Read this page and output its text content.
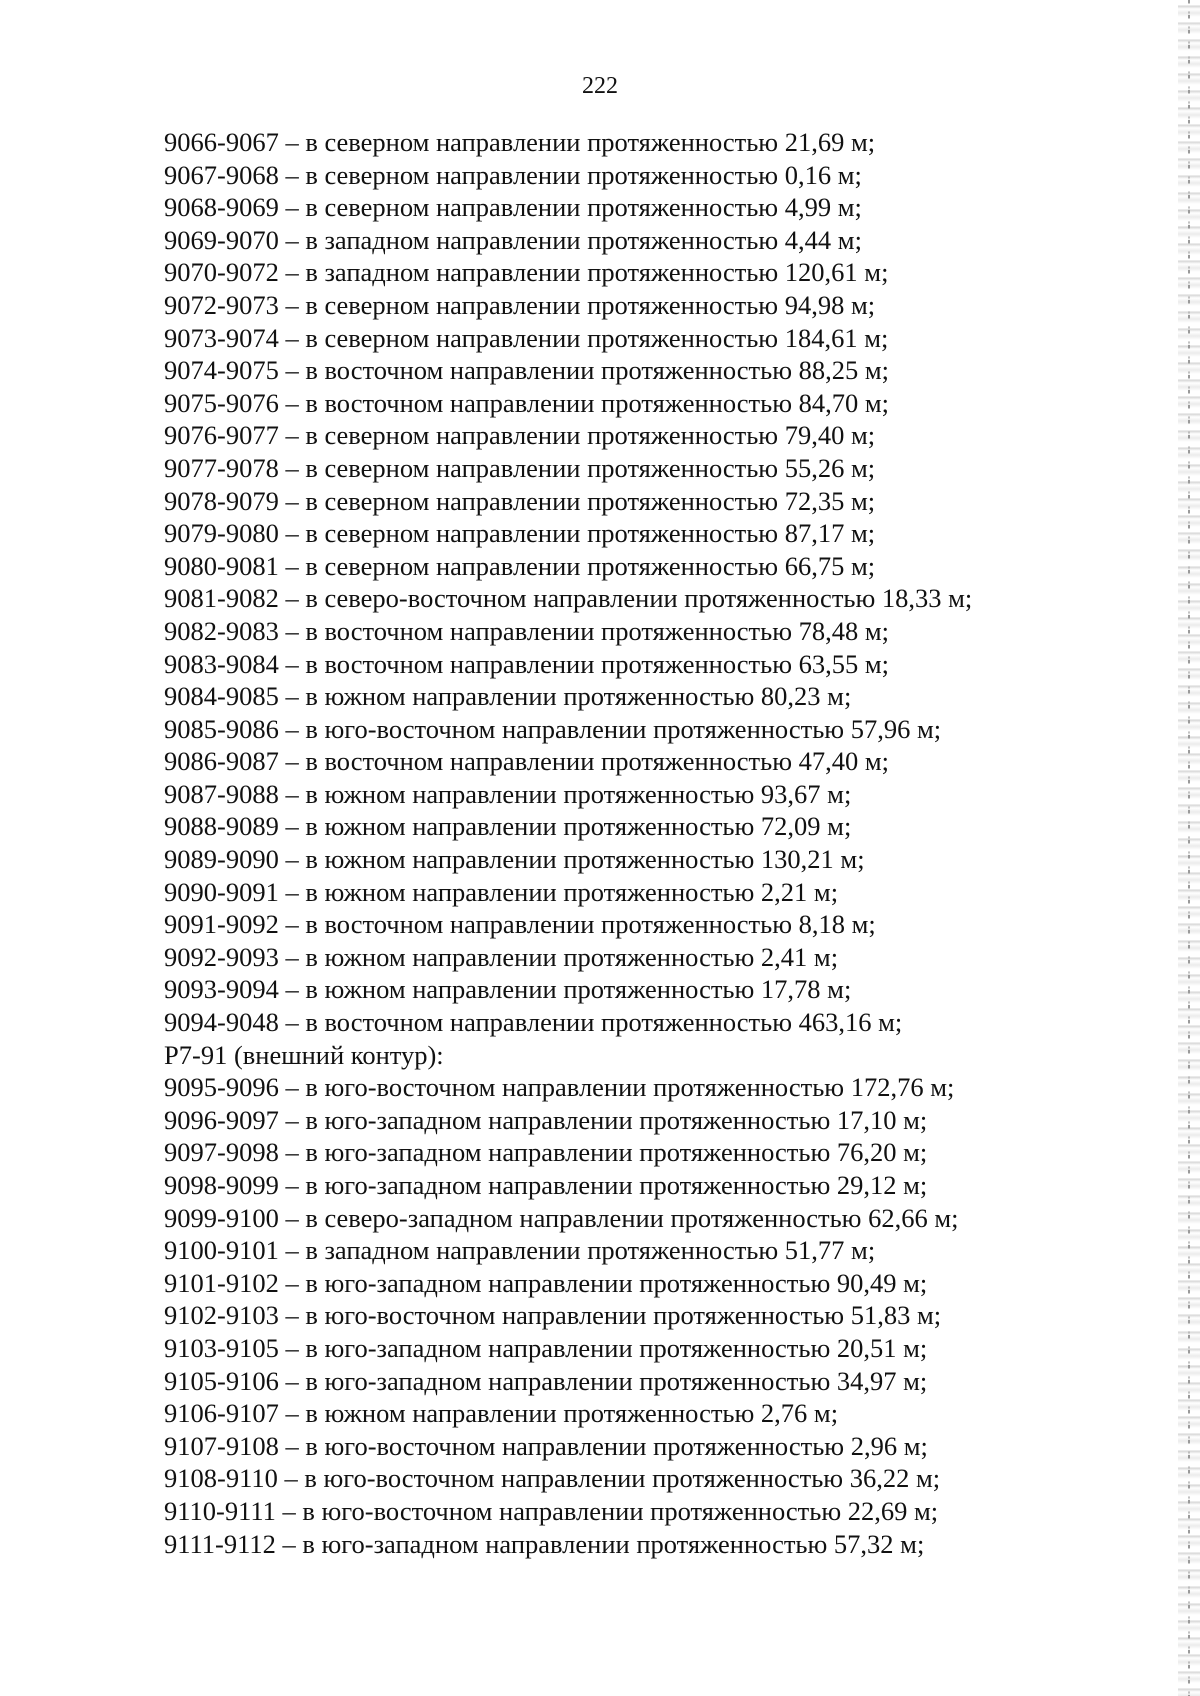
222
9066-9067 – в северном направлении протяженностью 21,69 м;
9067-9068 – в северном направлении протяженностью 0,16 м;
9068-9069 – в северном направлении протяженностью 4,99 м;
9069-9070 – в западном направлении протяженностью 4,44 м;
9070-9072 – в западном направлении протяженностью 120,61 м;
9072-9073 – в северном направлении протяженностью 94,98 м;
9073-9074 – в северном направлении протяженностью 184,61 м;
9074-9075 – в восточном направлении протяженностью 88,25 м;
9075-9076 – в восточном направлении протяженностью 84,70 м;
9076-9077 – в северном направлении протяженностью 79,40 м;
9077-9078 – в северном направлении протяженностью 55,26 м;
9078-9079 – в северном направлении протяженностью 72,35 м;
9079-9080 – в северном направлении протяженностью 87,17 м;
9080-9081 – в северном направлении протяженностью 66,75 м;
9081-9082 – в северо-восточном направлении протяженностью 18,33 м;
9082-9083 – в восточном направлении протяженностью 78,48 м;
9083-9084 – в восточном направлении протяженностью 63,55 м;
9084-9085 – в южном направлении протяженностью 80,23 м;
9085-9086 – в юго-восточном направлении протяженностью 57,96 м;
9086-9087 – в восточном направлении протяженностью 47,40 м;
9087-9088 – в южном направлении протяженностью 93,67 м;
9088-9089 – в южном направлении протяженностью 72,09 м;
9089-9090 – в южном направлении протяженностью 130,21 м;
9090-9091 – в южном направлении протяженностью 2,21 м;
9091-9092 – в восточном направлении протяженностью 8,18 м;
9092-9093 – в южном направлении протяженностью 2,41 м;
9093-9094 – в южном направлении протяженностью 17,78 м;
9094-9048 – в восточном направлении протяженностью 463,16 м;
Р7-91 (внешний контур):
9095-9096 – в юго-восточном направлении протяженностью 172,76 м;
9096-9097 – в юго-западном направлении протяженностью 17,10 м;
9097-9098 – в юго-западном направлении протяженностью 76,20 м;
9098-9099 – в юго-западном направлении протяженностью 29,12 м;
9099-9100 – в северо-западном направлении протяженностью 62,66 м;
9100-9101 – в западном направлении протяженностью 51,77 м;
9101-9102 – в юго-западном направлении протяженностью 90,49 м;
9102-9103 – в юго-восточном направлении протяженностью 51,83 м;
9103-9105 – в юго-западном направлении протяженностью 20,51 м;
9105-9106 – в юго-западном направлении протяженностью 34,97 м;
9106-9107 – в южном направлении протяженностью 2,76 м;
9107-9108 – в юго-восточном направлении протяженностью 2,96 м;
9108-9110 – в юго-восточном направлении протяженностью 36,22 м;
9110-9111 – в юго-восточном направлении протяженностью 22,69 м;
9111-9112 – в юго-западном направлении протяженностью 57,32 м;
